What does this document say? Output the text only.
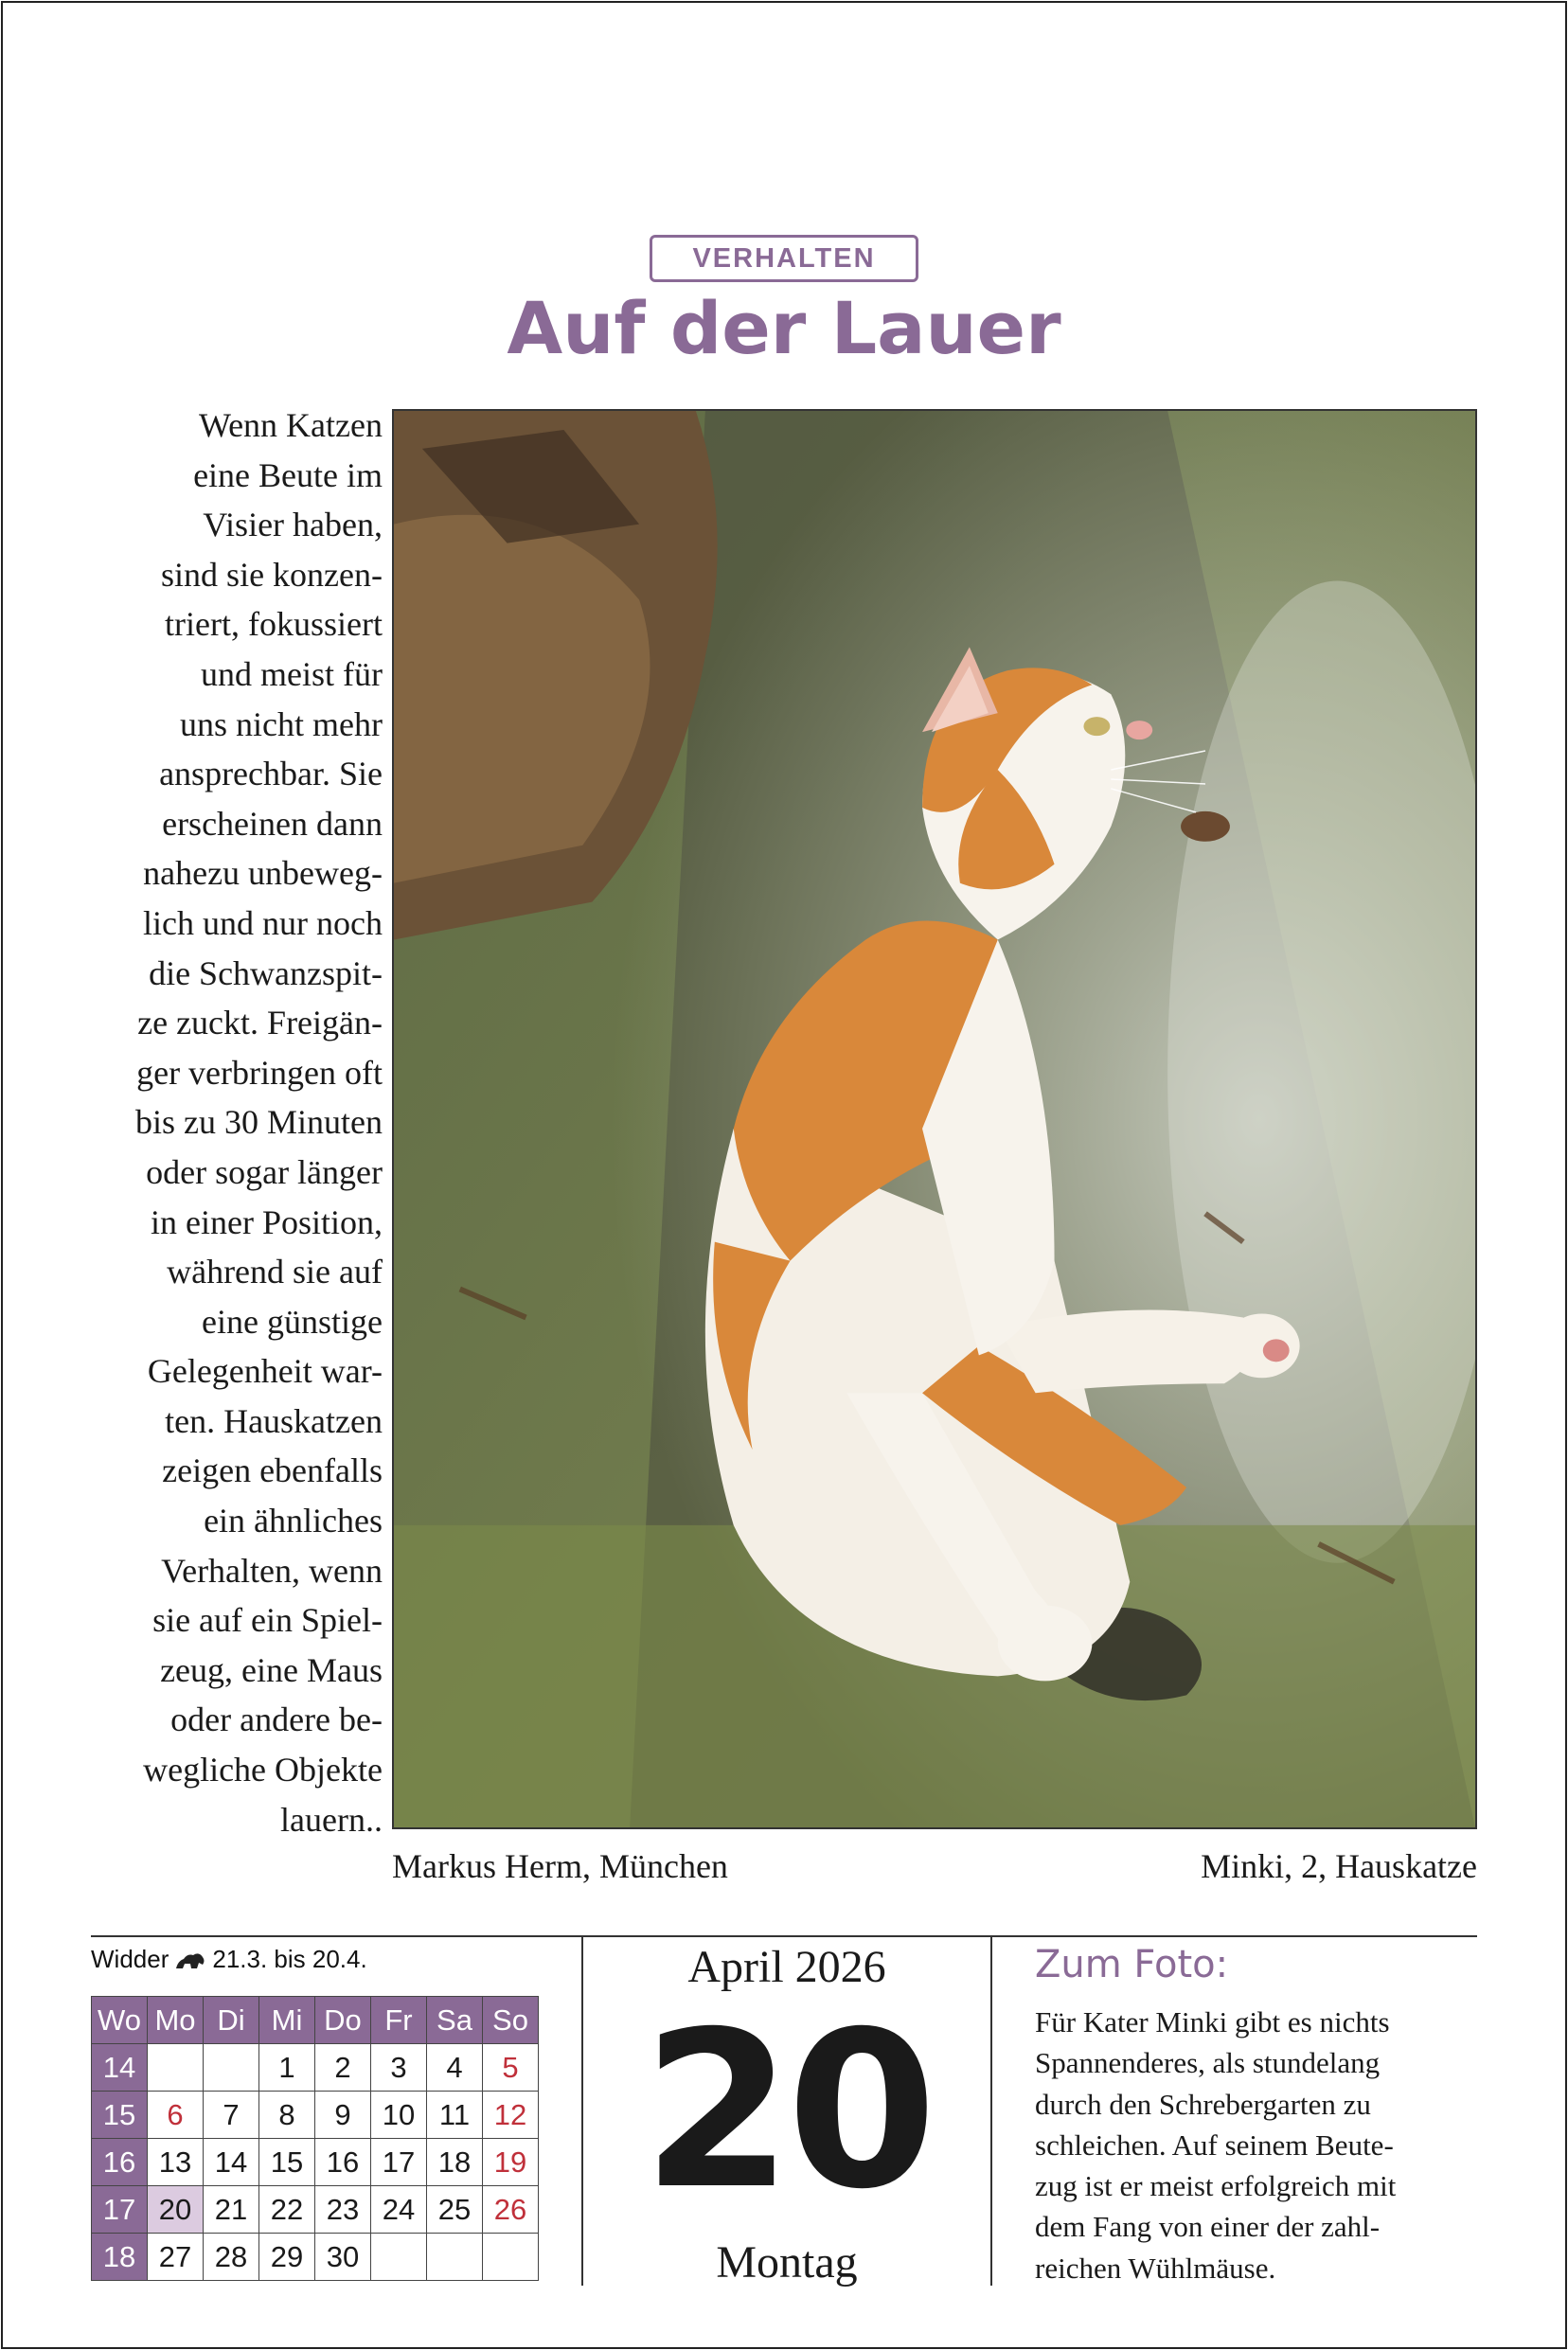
VERHALTEN
Auf der Lauer
Wenn Katzen
eine Beute im
Visier haben,
sind sie konzen-
triert, fokussiert
und meist für
uns nicht mehr
ansprechbar. Sie
erscheinen dann
nahezu unbeweg-
lich und nur noch
die Schwanzspit-
ze zuckt. Freigän-
ger verbringen oft
bis zu 30 Minuten
oder sogar länger
in einer Position,
während sie auf
eine günstige
Gelegenheit war-
ten. Hauskatzen
zeigen ebenfalls
ein ähnliches
Verhalten, wenn
sie auf ein Spiel-
zeug, eine Maus
oder andere be-
wegliche Objekte
lauern..
Markus Herm, München	Minki, 2, Hauskatze
Widder 21.3. bis 20.4.
Wo	Mo	Di	Mi	Do	Fr	Sa	So
14			1	2	3	4	5
15	6	7	8	9	10	11	12
16	13	14	15	16	17	18	19
17	20	21	22	23	24	25	26
18	27	28	29	30			
April 2026
20
Montag
Zum Foto:
Für Kater Minki gibt es nichts
Spannenderes, als stundelang
durch den Schrebergarten zu
schleichen. Auf seinem Beute-
zug ist er meist erfolgreich mit
dem Fang von einer der zahl-
reichen Wühlmäuse.
